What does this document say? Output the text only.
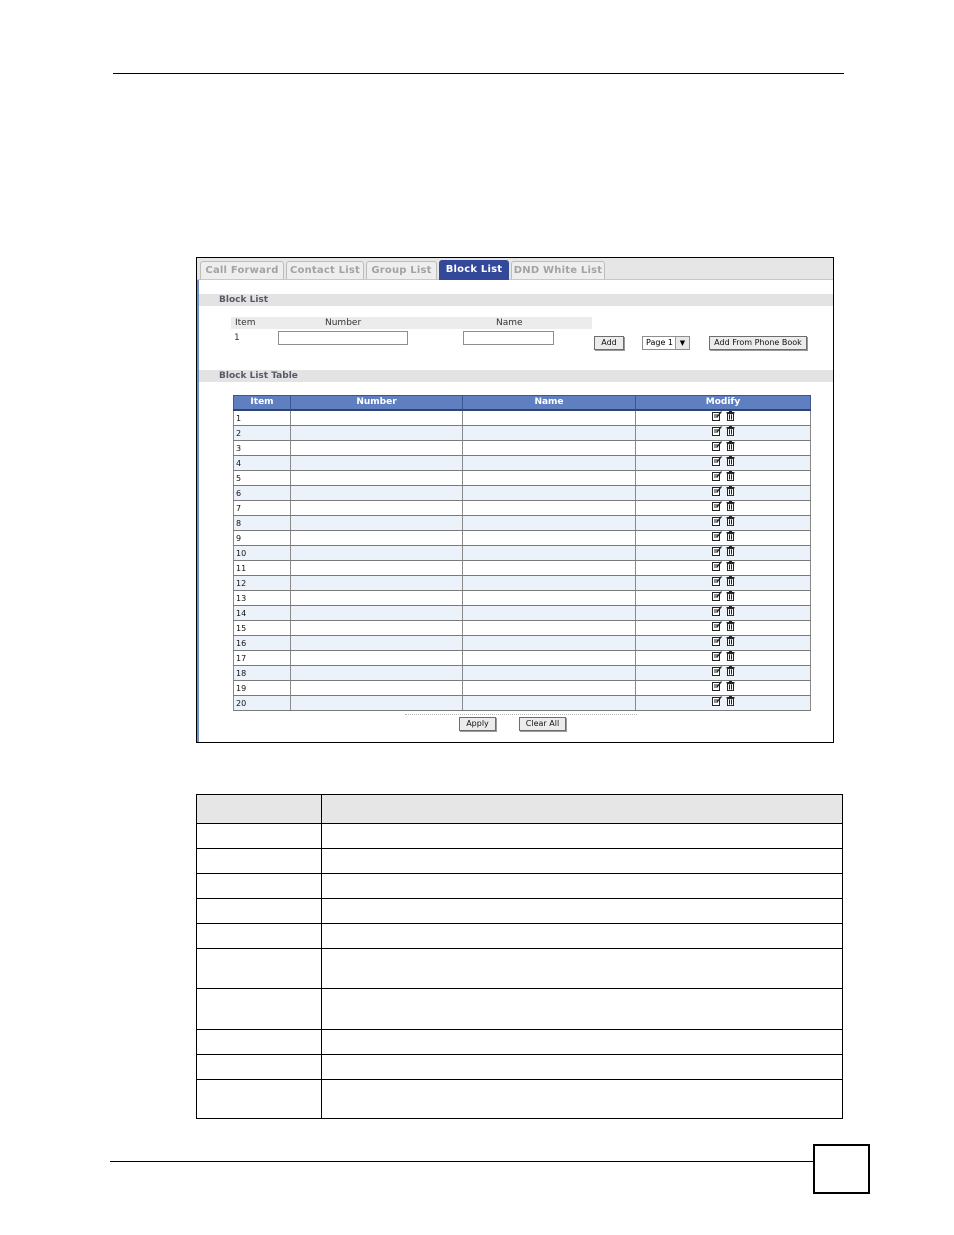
Call Forward	Contact List	Group List	Block List	DND White List
Block List
Item	Number	Name
1	Add	Page 1 ▼	Add From Phone Book
Block List Table
Item	Number	Name	Modify
1			
2			
3			
4			
5			
6			
7			
8			
9			
10			
11			
12			
13			
14			
15			
16			
17			
18			
19			
20			
Apply	Clear All
